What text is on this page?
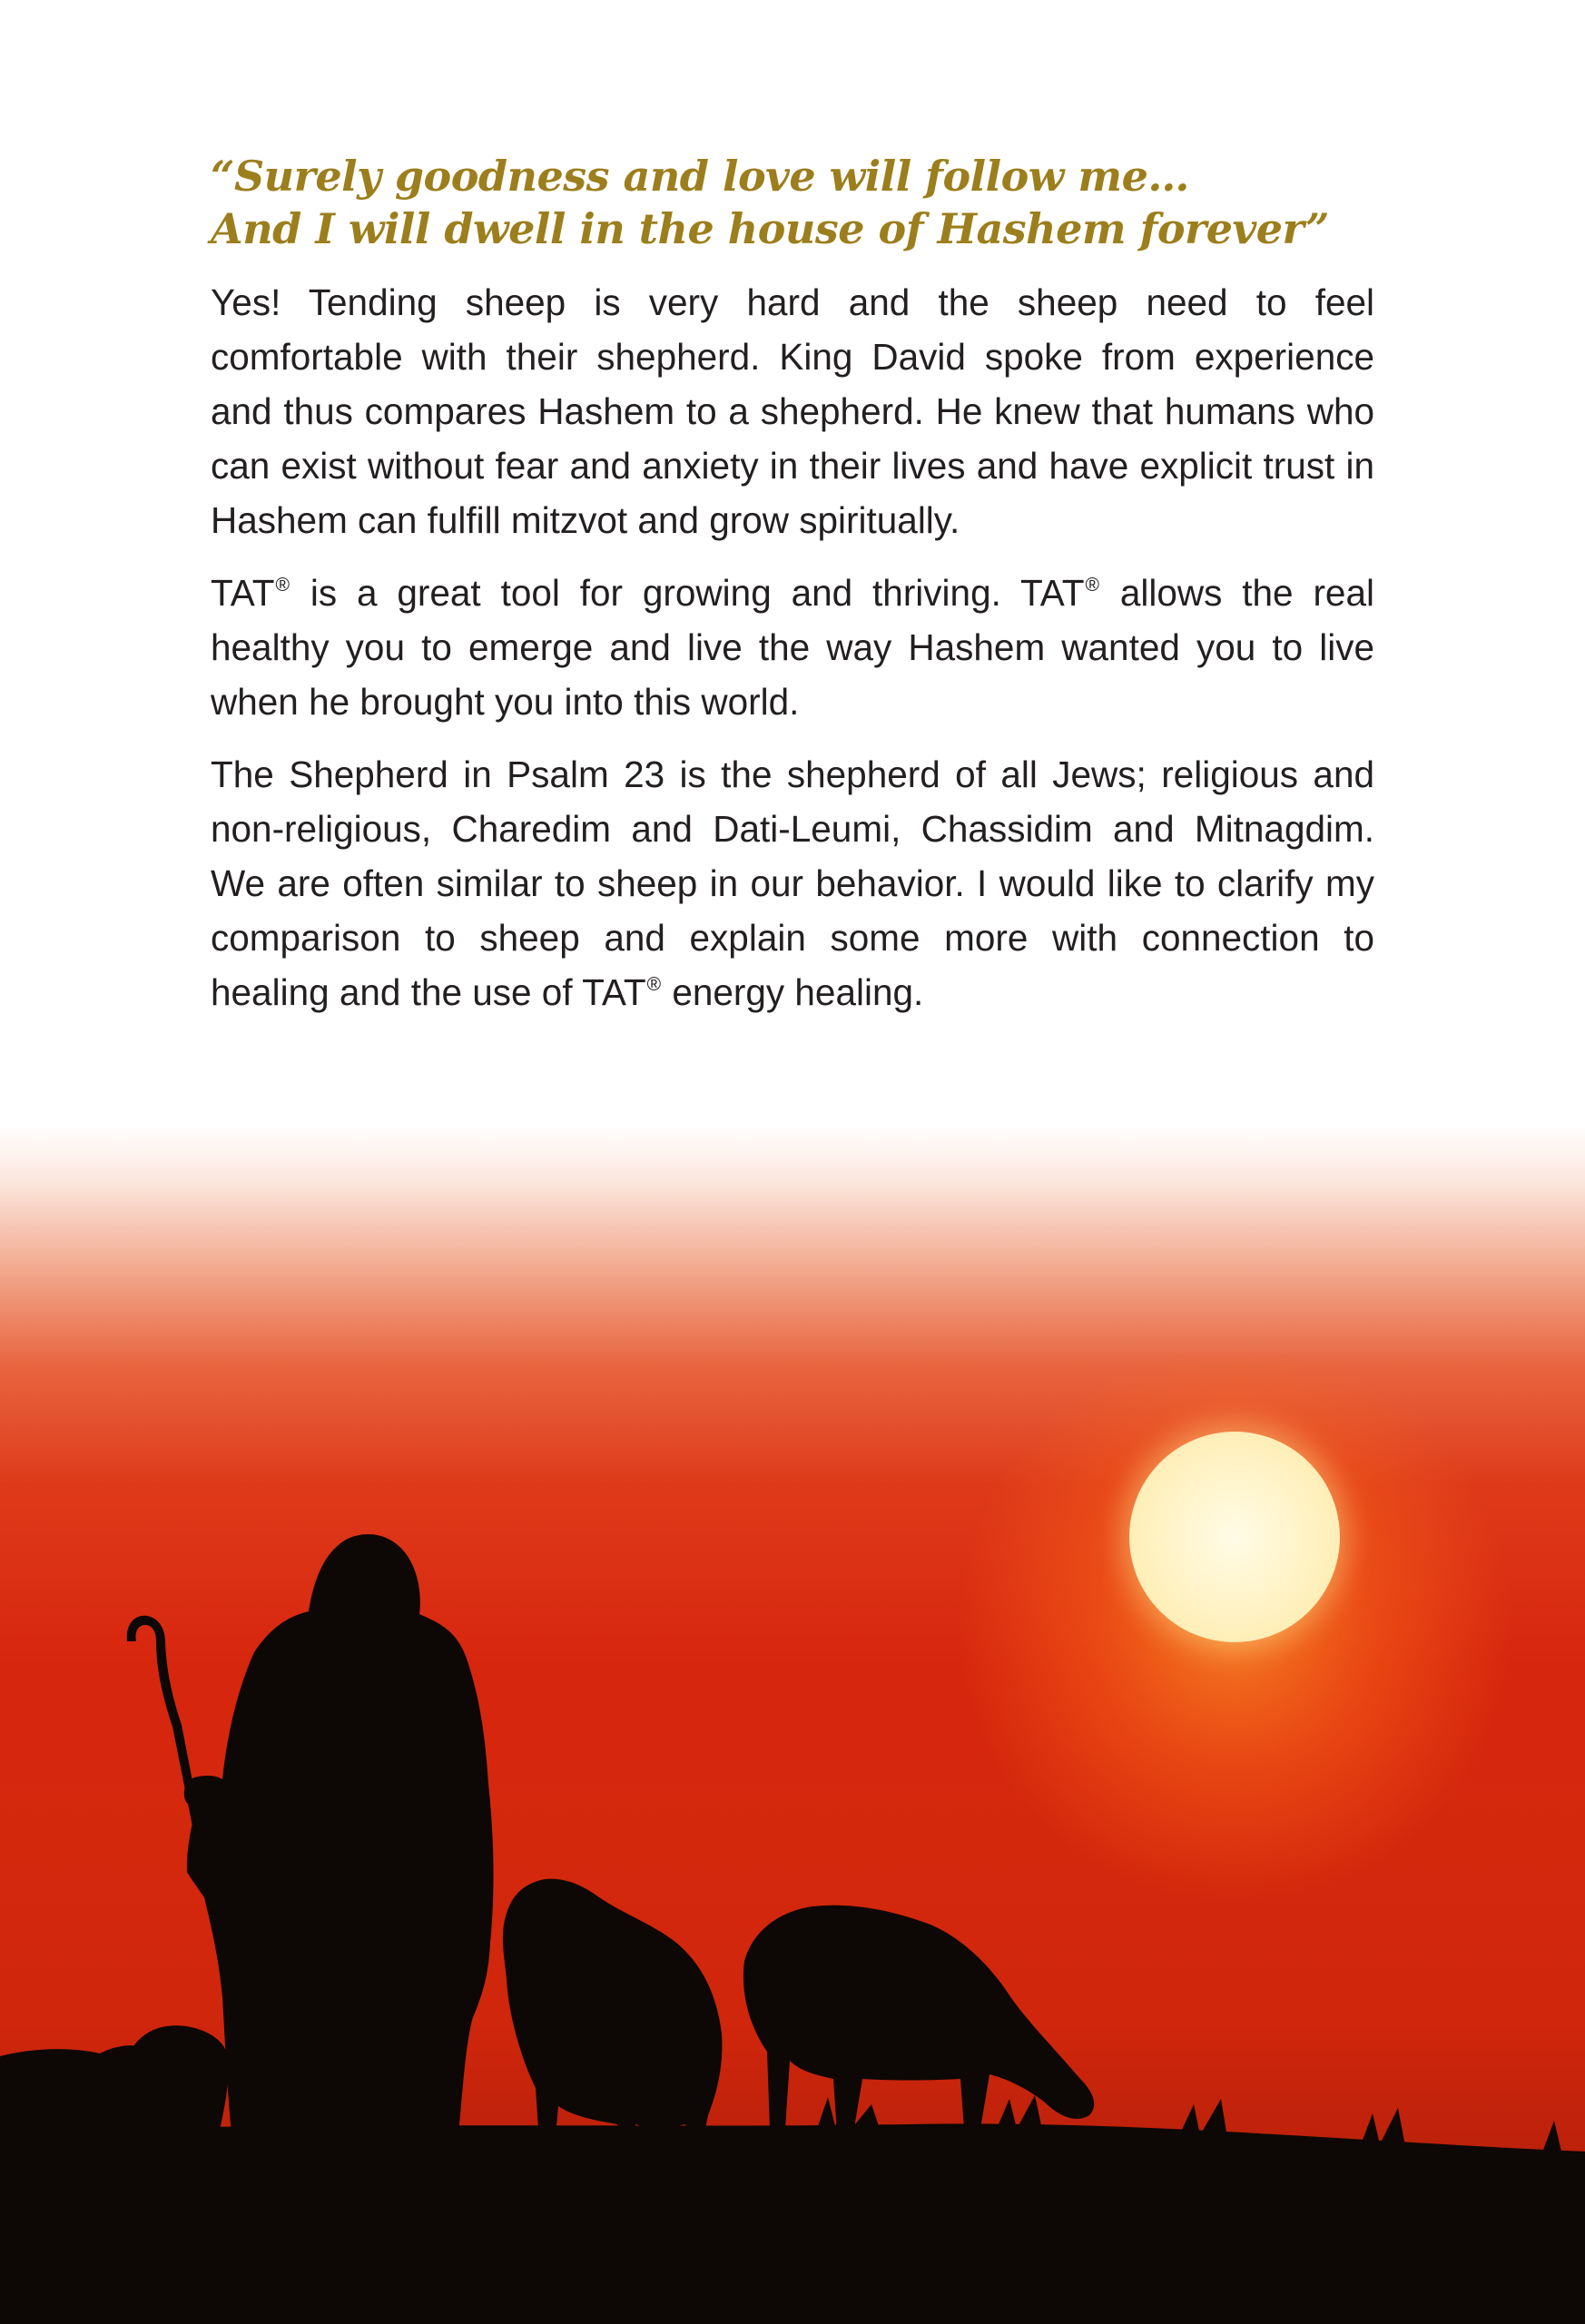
“Surely goodness and love will follow me…
And I will dwell in the house of Hashem forever”

Yes! Tending sheep is very hard and the sheep need to feel comfortable with their shepherd. King David spoke from experience and thus compares Hashem to a shepherd. He knew that humans who can exist without fear and anxiety in their lives and have explicit trust in Hashem can fulfill mitzvot and grow spiritually.

TAT® is a great tool for growing and thriving. TAT® allows the real healthy you to emerge and live the way Hashem wanted you to live when he brought you into this world.

The Shepherd in Psalm 23 is the shepherd of all Jews; religious and non-religious, Charedim and Dati-Leumi, Chassidim and Mitnagdim. We are often similar to sheep in our behavior. I would like to clarify my comparison to sheep and explain some more with connection to healing and the use of TAT® energy healing.
